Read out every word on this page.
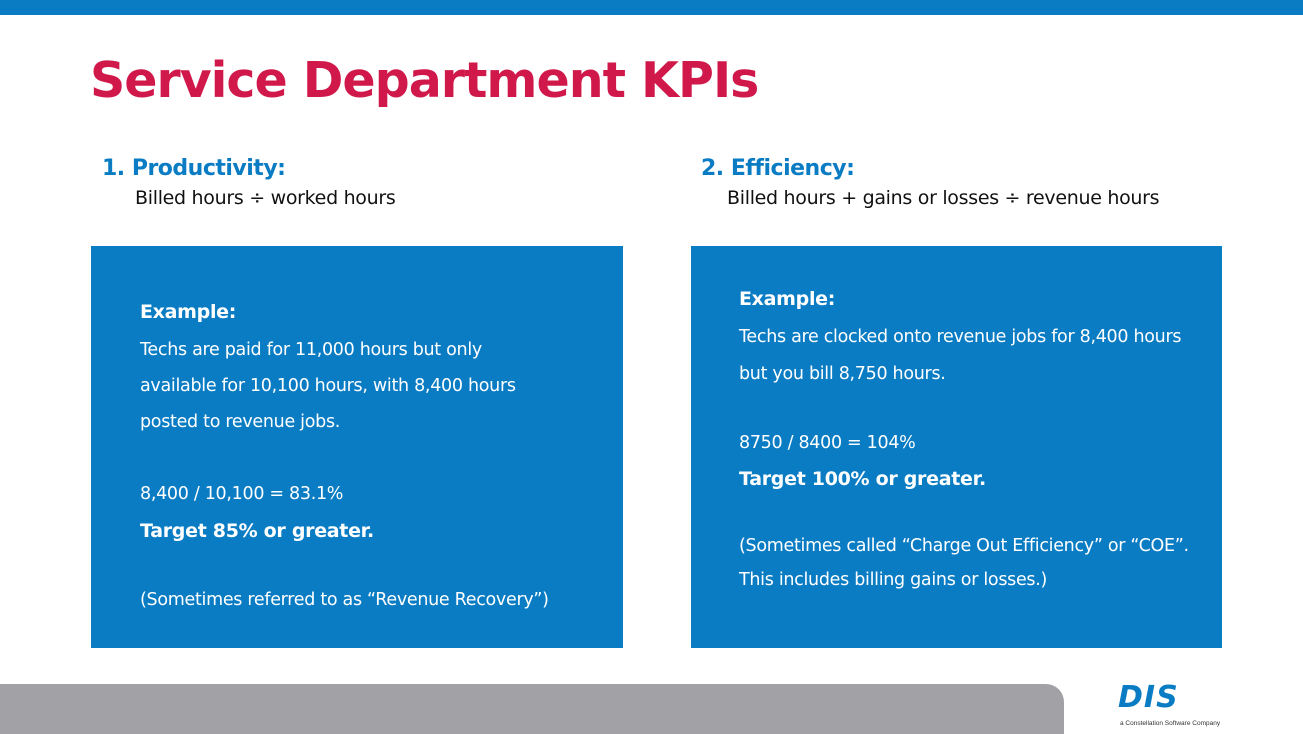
Service Department KPIs
1. Productivity:
Billed hours ÷ worked hours
Example:
Techs are paid for 11,000 hours but only
available for 10,100 hours, with 8,400 hours
posted to revenue jobs.
8,400 / 10,100 = 83.1%
Target 85% or greater.
(Sometimes referred to as “Revenue Recovery”)
2. Efficiency:
Billed hours + gains or losses ÷ revenue hours
Example:
Techs are clocked onto revenue jobs for 8,400 hours
but you bill 8,750 hours.
8750 / 8400 = 104%
Target 100% or greater.
(Sometimes called “Charge Out Efficiency” or “COE”.
This includes billing gains or losses.)
DIS
a Constellation Software Company
